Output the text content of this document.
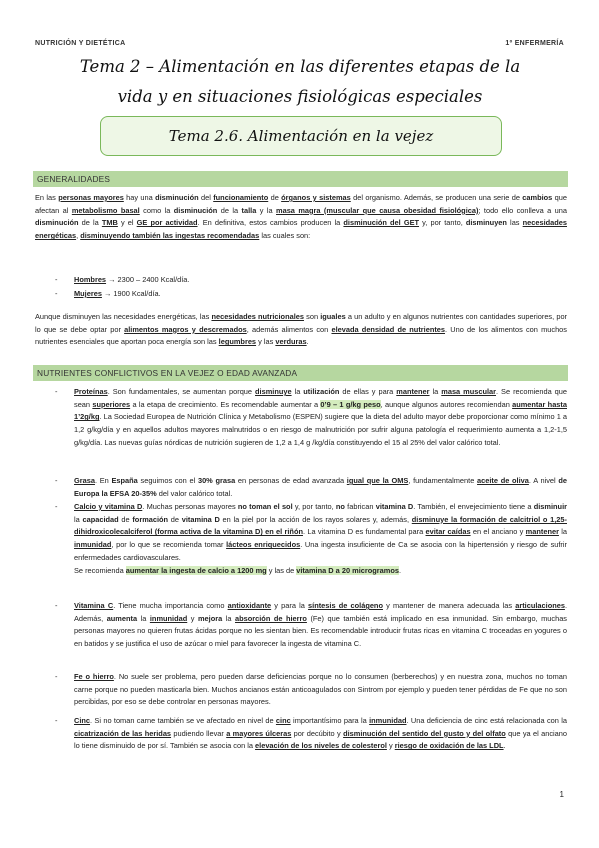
NUTRICIÓN Y DIETÉTICA	1º ENFERMERÍA
Tema 2 – Alimentación en las diferentes etapas de la
vida y en situaciones fisiológicas especiales
Tema 2.6. Alimentación en la vejez
GENERALIDADES
En las personas mayores hay una disminución del funcionamiento de órganos y sistemas del organismo. Además, se producen una serie de cambios que afectan al metabolismo basal como la disminución de la talla y la masa magra (muscular que causa obesidad fisiológica); todo ello conlleva a una disminución de la TMB y el GE por actividad. En definitiva, estos cambios producen la disminución del GET y, por tanto, disminuyen las necesidades energéticas, disminuyendo también las ingestas recomendadas las cuales son:
- Hombres → 2300 – 2400 Kcal/día.
- Mujeres → 1900 Kcal/día.
Aunque disminuyen las necesidades energéticas, las necesidades nutricionales son iguales a un adulto y en algunos nutrientes con cantidades superiores, por lo que se debe optar por alimentos magros y descremados, además alimentos con elevada densidad de nutrientes. Uno de los alimentos con muchos nutrientes esenciales que aportan poca energía son las legumbres y las verduras.
NUTRIENTES CONFLICTIVOS EN LA VEJEZ O EDAD AVANZADA
- Proteínas. Son fundamentales, se aumentan porque disminuye la utilización de ellas y para mantener la masa muscular. Se recomienda que sean superiores a la etapa de crecimiento. Es recomendable aumentar a 0’9 – 1 g/kg peso, aunque algunos autores recomiendan aumentar hasta 1’2g/kg. La Sociedad Europea de Nutrición Clínica y Metabolismo (ESPEN) sugiere que la dieta del adulto mayor debe proporcionar como mínimo 1 a 1,2 g/kg/día y en aquellos adultos mayores malnutridos o en riesgo de malnutrición por sufrir alguna patología el requerimiento aumenta a 1,2-1,5 g/kg/día. Las nuevas guías nórdicas de nutrición sugieren de 1,2 a 1,4 g /kg/día constituyendo el 15 al 25% del valor calórico total.
- Grasa. En España seguimos con el 30% grasa en personas de edad avanzada igual que la OMS, fundamentalmente aceite de oliva. A nivel de Europa la EFSA 20-35% del valor calórico total.
- Calcio y vitamina D. Muchas personas mayores no toman el sol y, por tanto, no fabrican vitamina D. También, el envejecimiento tiene a disminuir la capacidad de formación de vitamina D en la piel por la acción de los rayos solares y, además, disminuye la formación de calcitriol o 1,25-dihidroxicolecalciferol (forma activa de la vitamina D) en el riñón. La vitamina D es fundamental para evitar caídas en el anciano y mantener la inmunidad, por lo que se recomienda tomar lácteos enriquecidos. Una ingesta insuficiente de Ca se asocia con la hipertensión y riesgo de sufrir enfermedades cardiovasculares.
Se recomienda aumentar la ingesta de calcio a 1200 mg y las de vitamina D a 20 microgramos.
- Vitamina C. Tiene mucha importancia como antioxidante y para la síntesis de colágeno y mantener de manera adecuada las articulaciones. Además, aumenta la inmunidad y mejora la absorción de hierro (Fe) que también está implicado en esa inmunidad. Sin embargo, muchas personas mayores no quieren frutas ácidas porque no les sientan bien. Es recomendable introducir frutas ricas en vitamina C troceadas en yogures o en batidos y se justifica el uso de azúcar o miel para favorecer la ingesta de vitamina C.
- Fe o hierro. No suele ser problema, pero pueden darse deficiencias porque no lo consumen (berberechos) y en nuestra zona, muchos no toman carne porque no pueden masticarla bien. Muchos ancianos están anticoagulados con Sintrom por ejemplo y pueden tener pérdidas de Fe que no son percibidas, por eso se debe controlar en personas mayores.
- Cinc. Si no toman carne también se ve afectado en nivel de cinc importantísimo para la inmunidad. Una deficiencia de cinc está relacionada con la cicatrización de las heridas pudiendo llevar a mayores úlceras por decúbito y disminución del sentido del gusto y del olfato que ya el anciano lo tiene disminuido de por sí. También se asocia con la elevación de los niveles de colesterol y riesgo de oxidación de las LDL.
1
